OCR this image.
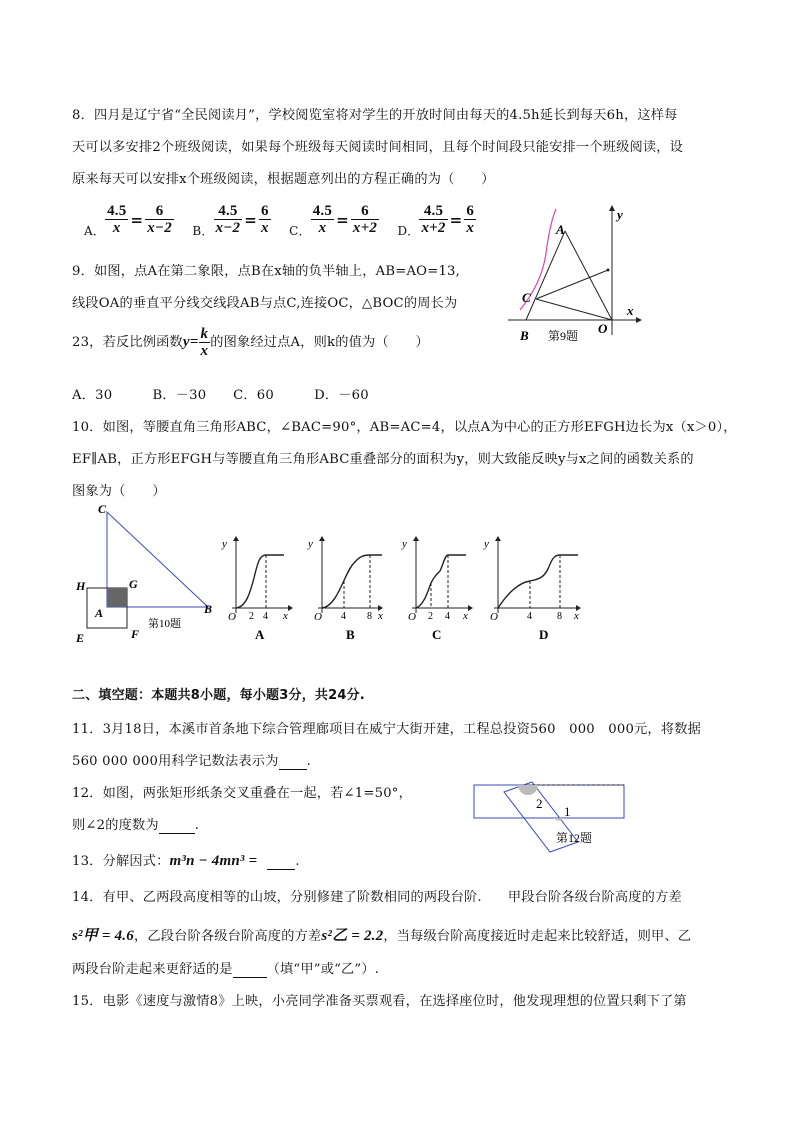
8．四月是辽宁省“全民阅读月”，学校阅览室将对学生的开放时间由每天的4.5h延长到每天6h，这样每
天可以多安排2个班级阅读，如果每个班级每天阅读时间相同，且每个时间段只能安排一个班级阅读，设
原来每天可以安排x个班级阅读，根据题意列出的方程正确的为（　　）
A． $\frac{4.5}{x} = \frac{6}{x-2}$ B． $\frac{4.5}{x-2} = \frac{6}{x}$ C． $\frac{4.5}{x} = \frac{6}{x+2}$ D． $\frac{4.5}{x+2} = \frac{6}{x}$
9．如图，点A在第二象限，点B在x轴的负半轴上，AB=AO=13,
线段OA的垂直平分线交线段AB与点C,连接OC，△BOC的周长为
23，若反比例函数$y= \frac{k}{x}$ 的图象经过点A，则k的值为（　　）
A．30　　　B．－30　　C．60　　　D．－60
A
C
B	O
x
y
第9题
10．如图，等腰直角三角形ABC，∠BAC=90°，AB=AC=4，以点A为中心的正方形EFGH边长为x（x＞0），
EF∥AB，正方形EFGH与等腰直角三角形ABC重叠部分的面积为y，则大致能反映y与x之间的函数关系的
图象为（　　）
C
H	G
A	B
E	F
第10题
y
O 2 4 x
A
y
O 4 8 x
B
y
O 2 4 x
C
y
O	4	8 x
D
二、填空题：本题共8小题，每小题3分，共24分.
11．3月18日，本溪市首条地下综合管理廊项目在威宁大街开建，工程总投资560　000　000元，将数据
560 000 000用科学记数法表示为 .
12．如图，两张矩形纸条交叉重叠在一起，若∠1=50°，
则∠2的度数为	.
2
1
第12题
13．分解因式：m³n − 4mn³ =	.
14．有甲、乙两段高度相等的山坡，分别修建了阶数相同的两段台阶. 甲段台阶各级台阶高度的方差
s²甲 = 4.6，乙段台阶各级台阶高度的方差s²乙 = 2.2，当每级台阶高度接近时走起来比较舒适，则甲、乙
两段台阶走起来更舒适的是	（填“甲”或“乙”）.
15．电影《速度与激情8》上映，小亮同学准备买票观看，在选择座位时，他发现理想的位置只剩下了第
